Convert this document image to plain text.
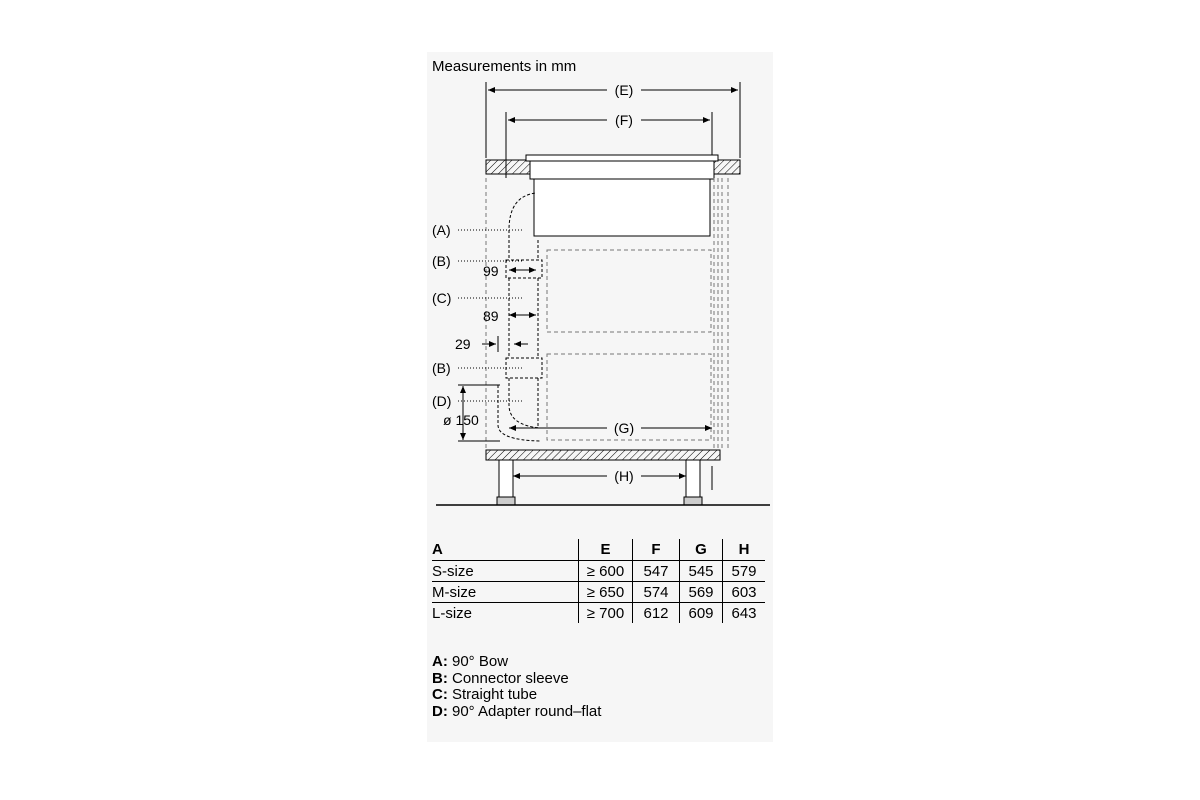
Measurements in mm
(E)
(F)
(A)
(B)
(C)
(B)
(D)
99
89
29
ø 150	(G)
(H)
A	E	F	G	H
S-size	≥ 600	547	545	579
M-size	≥ 650	574	569	603
L-size	≥ 700	612	609	643
A: 90° Bow
B: Connector sleeve
C: Straight tube
D: 90° Adapter round–flat
